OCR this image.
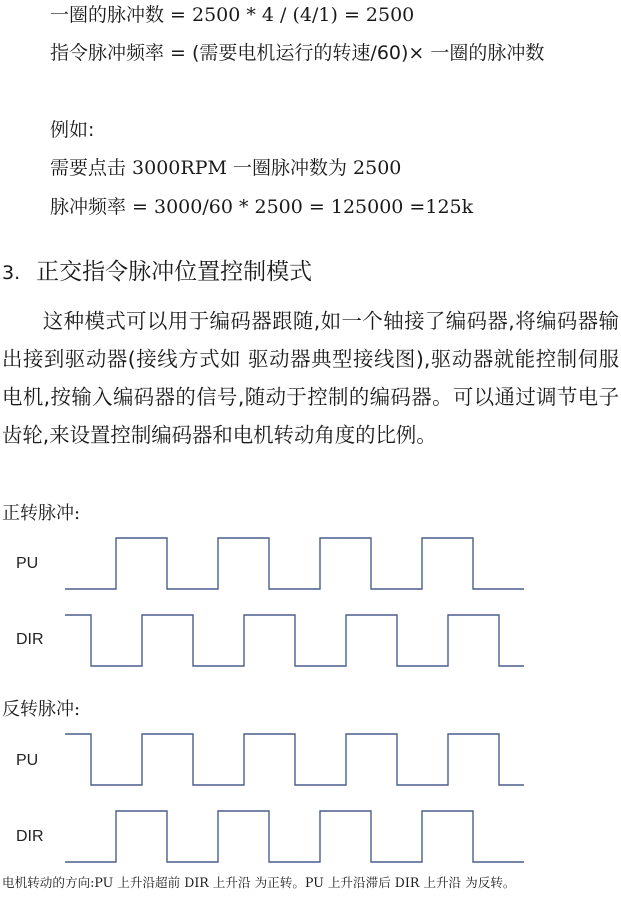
一圈的脉冲数 = 2500 * 4 / (4/1) = 2500
指令脉冲频率 = (需要电机运行的转速/60)× 一圈的脉冲数
例如:
需要点击 3000RPM 一圈脉冲数为 2500
脉冲频率 = 3000/60 * 2500 = 125000 =125k
3. 正交指令脉冲位置控制模式
这种模式可以用于编码器跟随,如一个轴接了编码器,将编码器输出接到驱动器(接线方式如 驱动器典型接线图),驱动器就能控制伺服电机,按输入编码器的信号,随动于控制的编码器。可以通过调节电子齿轮,来设置控制编码器和电机转动角度的比例。
正转脉冲:
PU
DIR
反转脉冲:
PU
DIR
电机转动的方向:PU 上升沿超前 DIR 上升沿 为正转。PU 上升沿滞后 DIR 上升沿 为反转。
